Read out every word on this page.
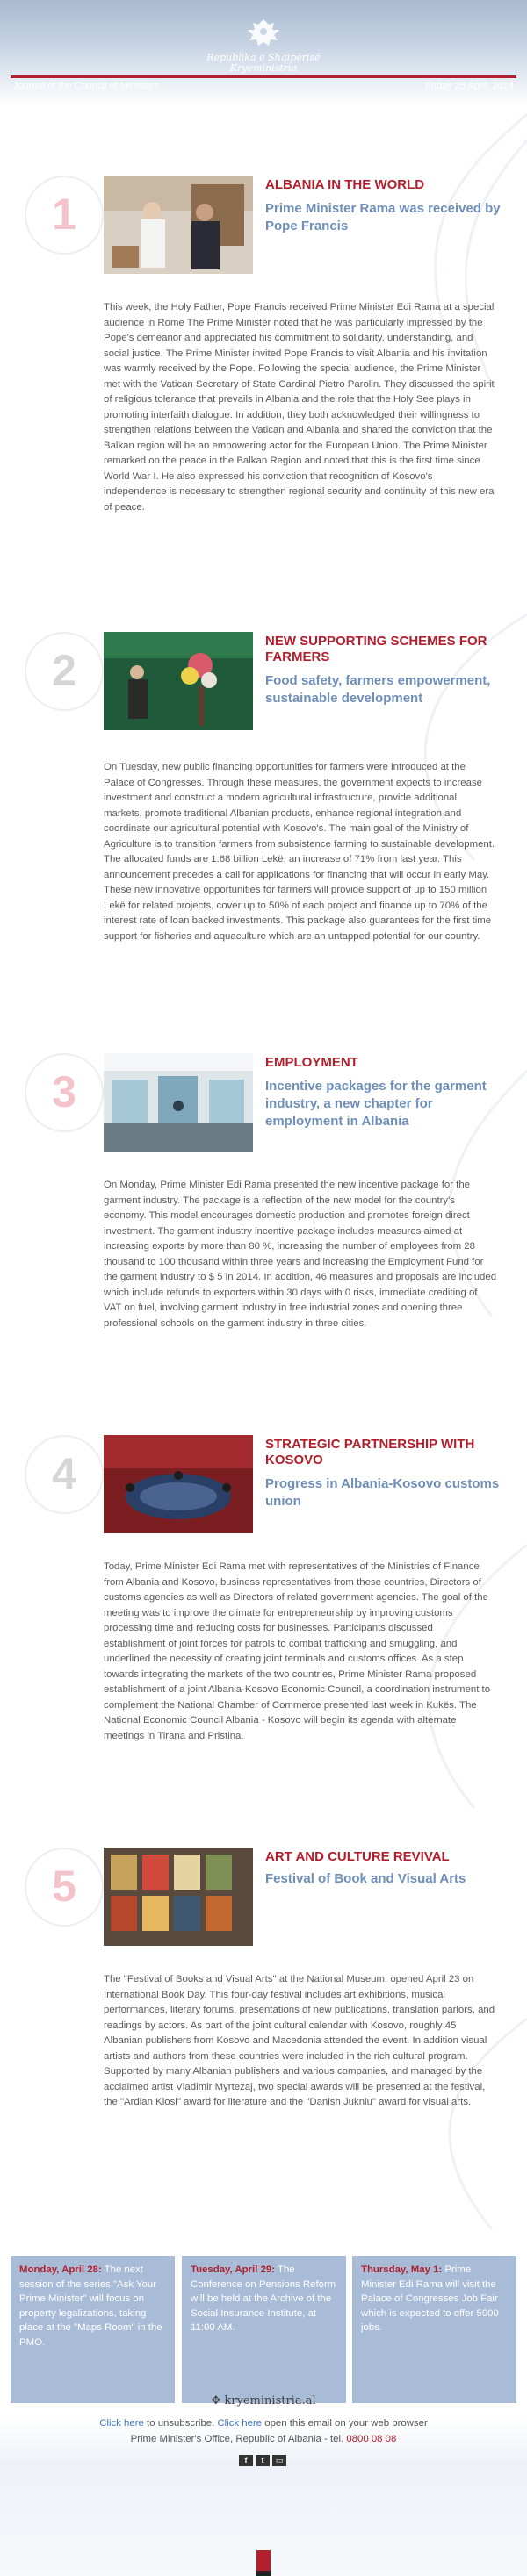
Republika e Shqipërisë
Kryeministria
Journal of the Council of Ministers	Friday 25 April, 2014
1
ALBANIA IN THE WORLD
Prime Minister Rama was received by Pope Francis
This week, the Holy Father, Pope Francis received Prime Minister Edi Rama at a special audience in Rome The Prime Minister noted that he was particularly impressed by the Pope's demeanor and appreciated his commitment to solidarity, understanding, and social justice. The Prime Minister invited Pope Francis to visit Albania and his invitation was warmly received by the Pope. Following the special audience, the Prime Minister met with the Vatican Secretary of State Cardinal Pietro Parolin. They discussed the spirit of religious tolerance that prevails in Albania and the role that the Holy See plays in promoting interfaith dialogue. In addition, they both acknowledged their willingness to strengthen relations between the Vatican and Albania and shared the conviction that the Balkan region will be an empowering actor for the European Union. The Prime Minister remarked on the peace in the Balkan Region and noted that this is the first time since World War I. He also expressed his conviction that recognition of Kosovo's independence is necessary to strengthen regional security and continuity of this new era of peace.
2
NEW SUPPORTING SCHEMES FOR FARMERS
Food safety, farmers empowerment, sustainable development
On Tuesday, new public financing opportunities for farmers were introduced at the Palace of Congresses. Through these measures, the government expects to increase investment and construct a modern agricultural infrastructure, provide additional markets, promote traditional Albanian products, enhance regional integration and coordinate our agricultural potential with Kosovo's. The main goal of the Ministry of Agriculture is to transition farmers from subsistence farming to sustainable development. The allocated funds are 1.68 billion Lekë, an increase of 71% from last year. This announcement precedes a call for applications for financing that will occur in early May. These new innovative opportunities for farmers will provide support of up to 150 million Lekë for related projects, cover up to 50% of each project and finance up to 70% of the interest rate of loan backed investments. This package also guarantees for the first time support for fisheries and aquaculture which are an untapped potential for our country.
3
EMPLOYMENT
Incentive packages for the garment industry, a new chapter for employment in Albania
On Monday, Prime Minister Edi Rama presented the new incentive package for the garment industry. The package is a reflection of the new model for the country's economy. This model encourages domestic production and promotes foreign direct investment. The garment industry incentive package includes measures aimed at increasing exports by more than 80 %, increasing the number of employees from 28 thousand to 100 thousand within three years and increasing the Employment Fund for the garment industry to $ 5 in 2014. In addition, 46 measures and proposals are included which include refunds to exporters within 30 days with 0 risks, immediate crediting of VAT on fuel, involving garment industry in free industrial zones and opening three professional schools on the garment industry in three cities.
4
STRATEGIC PARTNERSHIP WITH KOSOVO
Progress in Albania-Kosovo customs union
Today, Prime Minister Edi Rama met with representatives of the Ministries of Finance from Albania and Kosovo, business representatives from these countries, Directors of customs agencies as well as Directors of related government agencies. The goal of the meeting was to improve the climate for entrepreneurship by improving customs processing time and reducing costs for businesses. Participants discussed establishment of joint forces for patrols to combat trafficking and smuggling, and underlined the necessity of creating joint terminals and customs offices. As a step towards integrating the markets of the two countries, Prime Minister Rama proposed establishment of a joint Albania-Kosovo Economic Council, a coordination instrument to complement the National Chamber of Commerce presented last week in Kukës. The National Economic Council Albania - Kosovo will begin its agenda with alternate meetings in Tirana and Pristina.
5
ART AND CULTURE REVIVAL
Festival of Book and Visual Arts
The "Festival of Books and Visual Arts" at the National Museum, opened April 23 on International Book Day. This four-day festival includes art exhibitions, musical performances, literary forums, presentations of new publications, translation parlors, and readings by actors. As part of the joint cultural calendar with Kosovo, roughly 45 Albanian publishers from Kosovo and Macedonia attended the event. In addition visual artists and authors from these countries were included in the rich cultural program. Supported by many Albanian publishers and various companies, and managed by the acclaimed artist Vladimir Myrtezaj, two special awards will be presented at the festival, the "Ardian Klosi" award for literature and the "Danish Jukniu" award for visual arts.
Monday, April 28: The next session of the series "Ask Your Prime Minister" will focus on property legalizations, taking place at the "Maps Room" in the PMO.
Tuesday, April 29: The Conference on Pensions Reform will be held at the Archive of the Social Insurance Institute, at 11:00 AM.
Thursday, May 1: Prime Minister Edi Rama will visit the Palace of Congresses Job Fair which is expected to offer 5000 jobs.
✥ kryeministria.al
Click here to unsubscribe. Click here open this email on your web browser
Prime Minister's Office, Republic of Albania - tel. 0800 08 08
f	t	▭
